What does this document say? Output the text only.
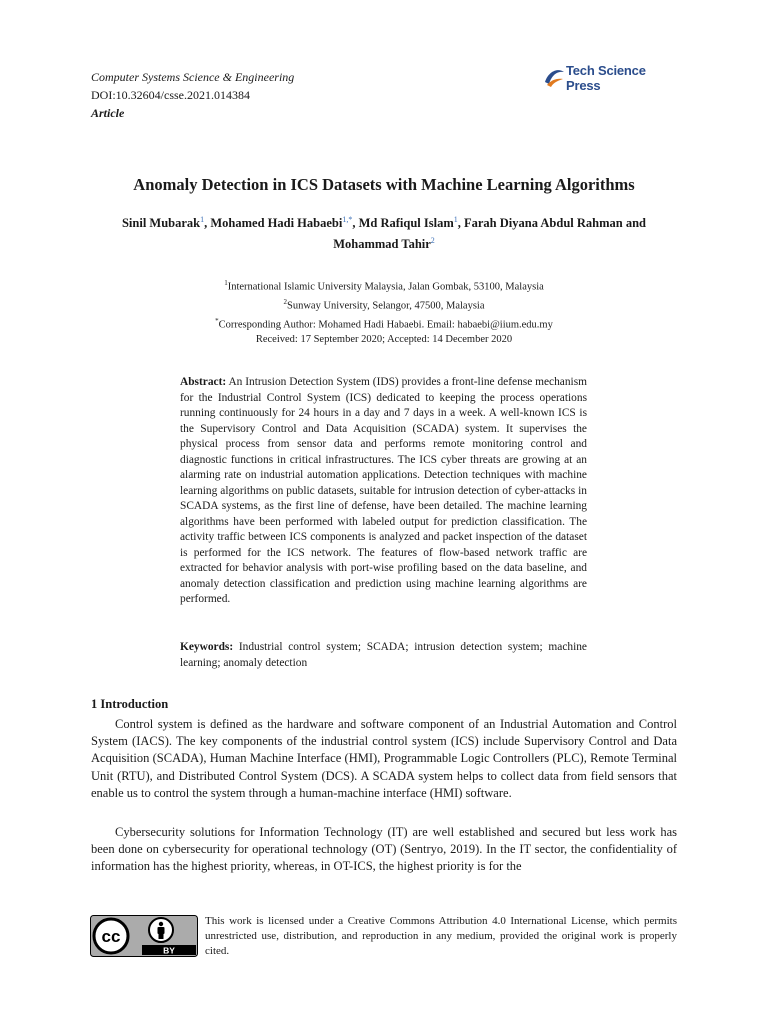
Computer Systems Science & Engineering
DOI:10.32604/csse.2021.014384
Article
Tech Science Press
Anomaly Detection in ICS Datasets with Machine Learning Algorithms
Sinil Mubarak$^1$, Mohamed Hadi Habaebi$^{1,*}$, Md Rafiqul Islam$^1$, Farah Diyana Abdul Rahman and Mohammad Tahir$^2$
$^1$International Islamic University Malaysia, Jalan Gombak, 53100, Malaysia
$^2$Sunway University, Selangor, 47500, Malaysia
*Corresponding Author: Mohamed Hadi Habaebi. Email: habaebi@iium.edu.my
Received: 17 September 2020; Accepted: 14 December 2020
Abstract: An Intrusion Detection System (IDS) provides a front-line defense mechanism for the Industrial Control System (ICS) dedicated to keeping the process operations running continuously for 24 hours in a day and 7 days in a week. A well-known ICS is the Supervisory Control and Data Acquisition (SCADA) system. It supervises the physical process from sensor data and performs remote monitoring control and diagnostic functions in critical infrastructures. The ICS cyber threats are growing at an alarming rate on industrial automation applications. Detection techniques with machine learning algorithms on public datasets, suitable for intrusion detection of cyber-attacks in SCADA systems, as the first line of defense, have been detailed. The machine learning algorithms have been performed with labeled output for prediction classification. The activity traffic between ICS components is analyzed and packet inspection of the dataset is performed for the ICS network. The features of flow-based network traffic are extracted for behavior analysis with port-wise profiling based on the data baseline, and anomaly detection classification and prediction using machine learning algorithms are performed.
Keywords: Industrial control system; SCADA; intrusion detection system; machine learning; anomaly detection
1 Introduction
Control system is defined as the hardware and software component of an Industrial Automation and Control System (IACS). The key components of the industrial control system (ICS) include Supervisory Control and Data Acquisition (SCADA), Human Machine Interface (HMI), Programmable Logic Controllers (PLC), Remote Terminal Unit (RTU), and Distributed Control System (DCS). A SCADA system helps to collect data from field sensors that enable us to control the system through a human-machine interface (HMI) software.
Cybersecurity solutions for Information Technology (IT) are well established and secured but less work has been done on cybersecurity for operational technology (OT) (Sentryo, 2019). In the IT sector, the confidentiality of information has the highest priority, whereas, in OT-ICS, the highest priority is for the
cc
BY
This work is licensed under a Creative Commons Attribution 4.0 International License, which permits unrestricted use, distribution, and reproduction in any medium, provided the original work is properly cited.
